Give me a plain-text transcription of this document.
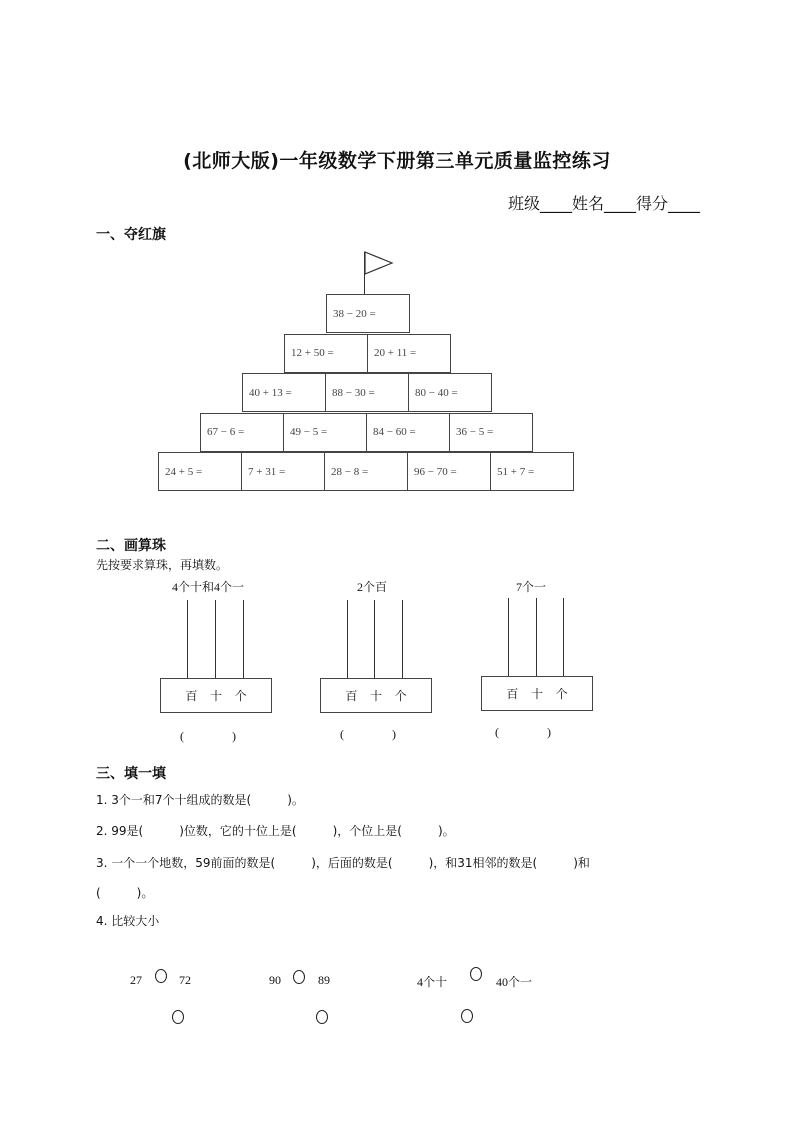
(北师大版)一年级数学下册第三单元质量监控练习
班级____姓名____得分____
一、夺红旗
38 − 20 =
12 + 50 =	20 + 11 =
40 + 13 =	88 − 30 =	80 − 40 =
67 − 6 =	49 − 5 =	84 − 60 =	36 − 5 =
24 + 5 =	7 + 31 =	28 − 8 =	96 − 70 =	51 + 7 =
二、画算珠
先按要求算珠，再填数。
4个十和4个一
百 十 个
(　　　　)
2个百
百 十 个
(　　　　)
7个一
百 十 个
(　　　　)
三、填一填
1. 3个一和7个十组成的数是(　　　)。
2. 99是(　　　)位数，它的十位上是(　　　)，个位上是(　　　)。
3. 一个一个地数，59前面的数是(　　　)，后面的数是(　　　)，和31相邻的数是(　　　)和
(　　　)。
4. 比较大小
27	72	90	89	4个十	40个一
